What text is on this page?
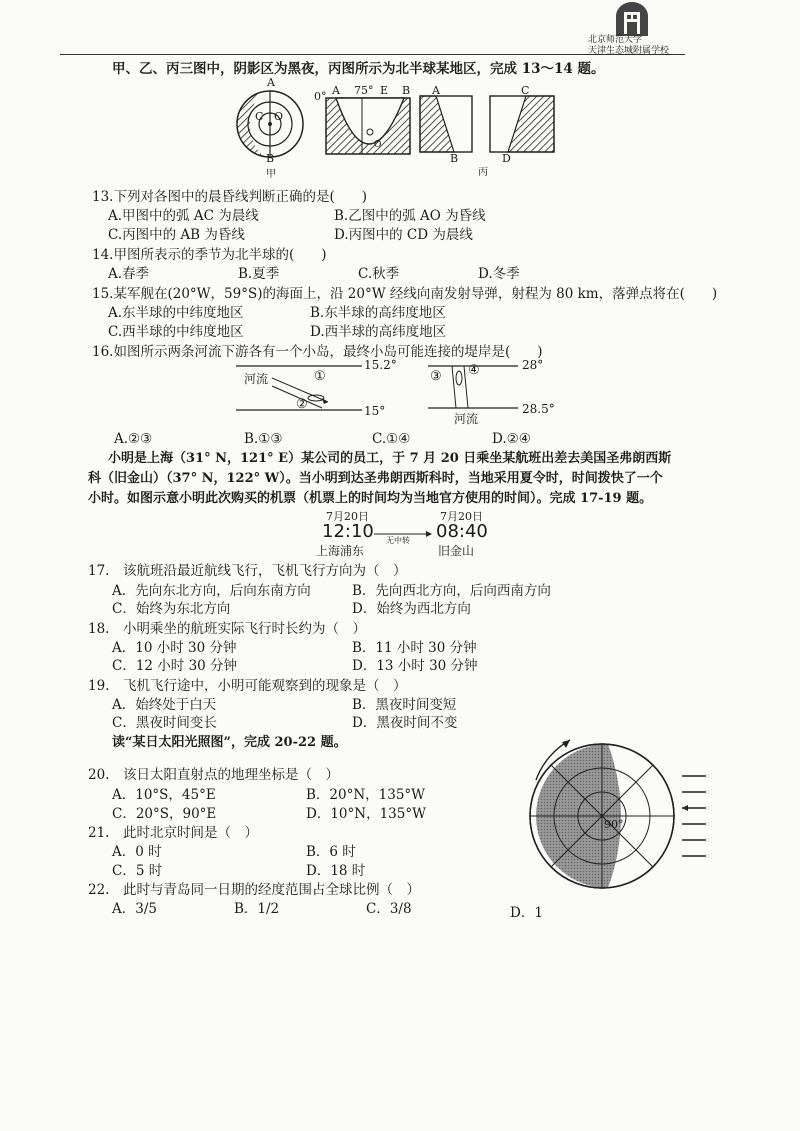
北京师范大学
天津生态城附属学校
甲、乙、丙三图中，阴影区为黑夜，丙图所示为北半球某地区，完成 13～14 题。
A
B
C O
甲
0° A 75° E B
O
A
B
C
D
丙
13.下列对各图中的晨昏线判断正确的是(　　)
A.甲图中的弧 AC 为晨线	B.乙图中的弧 AO 为昏线
C.丙图中的 AB 为昏线	D.丙图中的 CD 为晨线
14.甲图所表示的季节为北半球的(　　)
A.春季	B.夏季	C.秋季	D.冬季
15.某军舰在(20°W，59°S)的海面上，沿 20°W 经线向南发射导弹，射程为 80 km，落弹点将在(　　)
A.东半球的中纬度地区	B.东半球的高纬度地区
C.西半球的中纬度地区	D.西半球的高纬度地区
16.如图所示两条河流下游各有一个小岛，最终小岛可能连接的堤岸是(　　)
河流
15.2°
15°
①
②
28°
28.5°
③ ④
河流
A.②③	B.①③	C.①④	D.②④
小明是上海（31° N，121° E）某公司的员工，于 7 月 20 日乘坐某航班出差去美国圣弗朗西斯
科（旧金山）（37° N，122° W）。当小明到达圣弗朗西斯科时，当地采用夏令时，时间拨快了一个
小时。如图示意小明此次购买的机票（机票上的时间均为当地官方使用的时间）。完成 17-19 题。
7月20日
12:10
上海浦东
无中转
7月20日
08:40
旧金山
17.　该航班沿最近航线飞行，飞机飞行方向为（　）
A．先向东北方向，后向东南方向	B．先向西北方向，后向西南方向
C．始终为东北方向	D．始终为西北方向
18.　小明乘坐的航班实际飞行时长约为（　）
A．10 小时 30 分钟	B．11 小时 30 分钟
C．12 小时 30 分钟	D．13 小时 30 分钟
19.　飞机飞行途中，小明可能观察到的现象是（　）
A．始终处于白天	B．黑夜时间变短
C．黑夜时间变长	D．黑夜时间不变
读“某日太阳光照图”，完成 20-22 题。
90°
20.　该日太阳直射点的地理坐标是（　）
A．10°S，45°E	B．20°N，135°W
C．20°S，90°E	D．10°N，135°W
21.　此时北京时间是（　）
A．0 时	B．6 时
C．5 时	D．18 时
22.　此时与青岛同一日期的经度范围占全球比例（　）
A．3/5	B．1/2	C．3/8	D．1
